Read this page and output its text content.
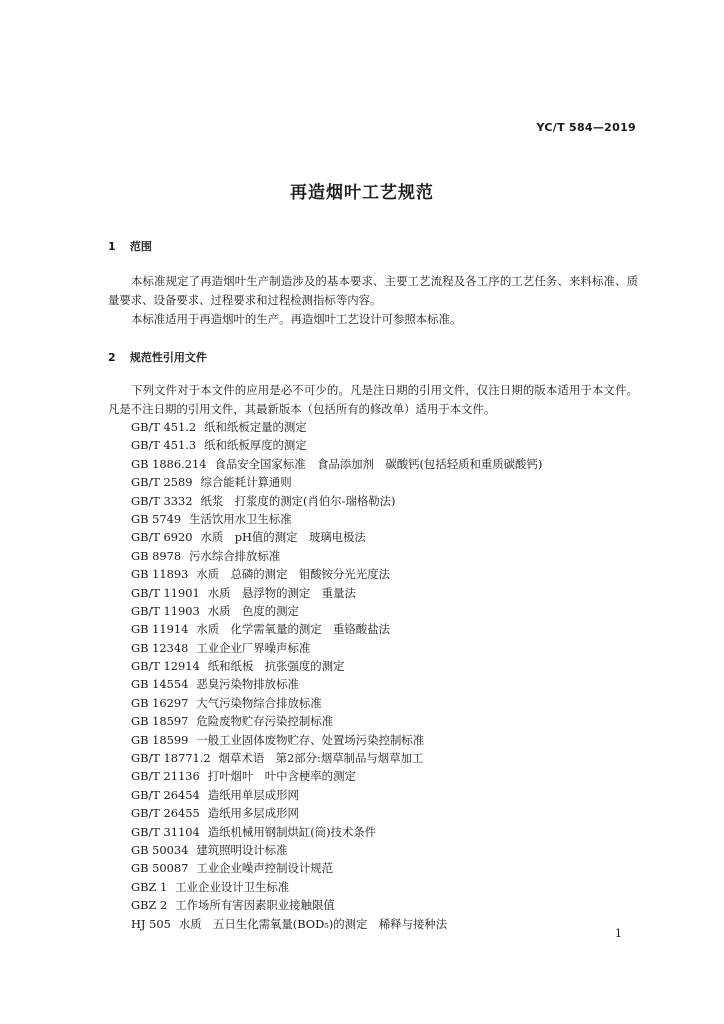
YC/T 584—2019
再造烟叶工艺规范
1 范围

本标准规定了再造烟叶生产制造涉及的基本要求、主要工艺流程及各工序的工艺任务、来料标准、质量要求、设备要求、过程要求和过程检测指标等内容。

本标准适用于再造烟叶的生产。再造烟叶工艺设计可参照本标准。

2 规范性引用文件

下列文件对于本文件的应用是必不可少的。凡是注日期的引用文件，仅注日期的版本适用于本文件。凡是不注日期的引用文件，其最新版本（包括所有的修改单）适用于本文件。

GB/T 451.2 纸和纸板定量的测定
GB/T 451.3 纸和纸板厚度的测定
GB 1886.214 食品安全国家标准　食品添加剂　碳酸钙(包括轻质和重质碳酸钙)
GB/T 2589 综合能耗计算通则
GB/T 3332 纸浆　打浆度的测定(肖伯尔-瑞格勒法)
GB 5749 生活饮用水卫生标准
GB/T 6920 水质　pH值的测定　玻璃电极法
GB 8978 污水综合排放标准
GB 11893 水质　总磷的测定　钼酸铵分光光度法
GB/T 11901 水质　悬浮物的测定　重量法
GB/T 11903 水质　色度的测定
GB 11914 水质　化学需氧量的测定　重铬酸盐法
GB 12348 工业企业厂界噪声标准
GB/T 12914 纸和纸板　抗张强度的测定
GB 14554 恶臭污染物排放标准
GB 16297 大气污染物综合排放标准
GB 18597 危险废物贮存污染控制标准
GB 18599 一般工业固体废物贮存、处置场污染控制标准
GB/T 18771.2 烟草术语　第2部分:烟草制品与烟草加工
GB/T 21136 打叶烟叶　叶中含梗率的测定
GB/T 26454 造纸用单层成形网
GB/T 26455 造纸用多层成形网
GB/T 31104 造纸机械用钢制烘缸(筒)技术条件
GB 50034 建筑照明设计标准
GB 50087 工业企业噪声控制设计规范
GBZ 1 工业企业设计卫生标准
GBZ 2 工作场所有害因素职业接触限值
HJ 505 水质　五日生化需氧量(BOD₅)的测定　稀释与接种法
1
